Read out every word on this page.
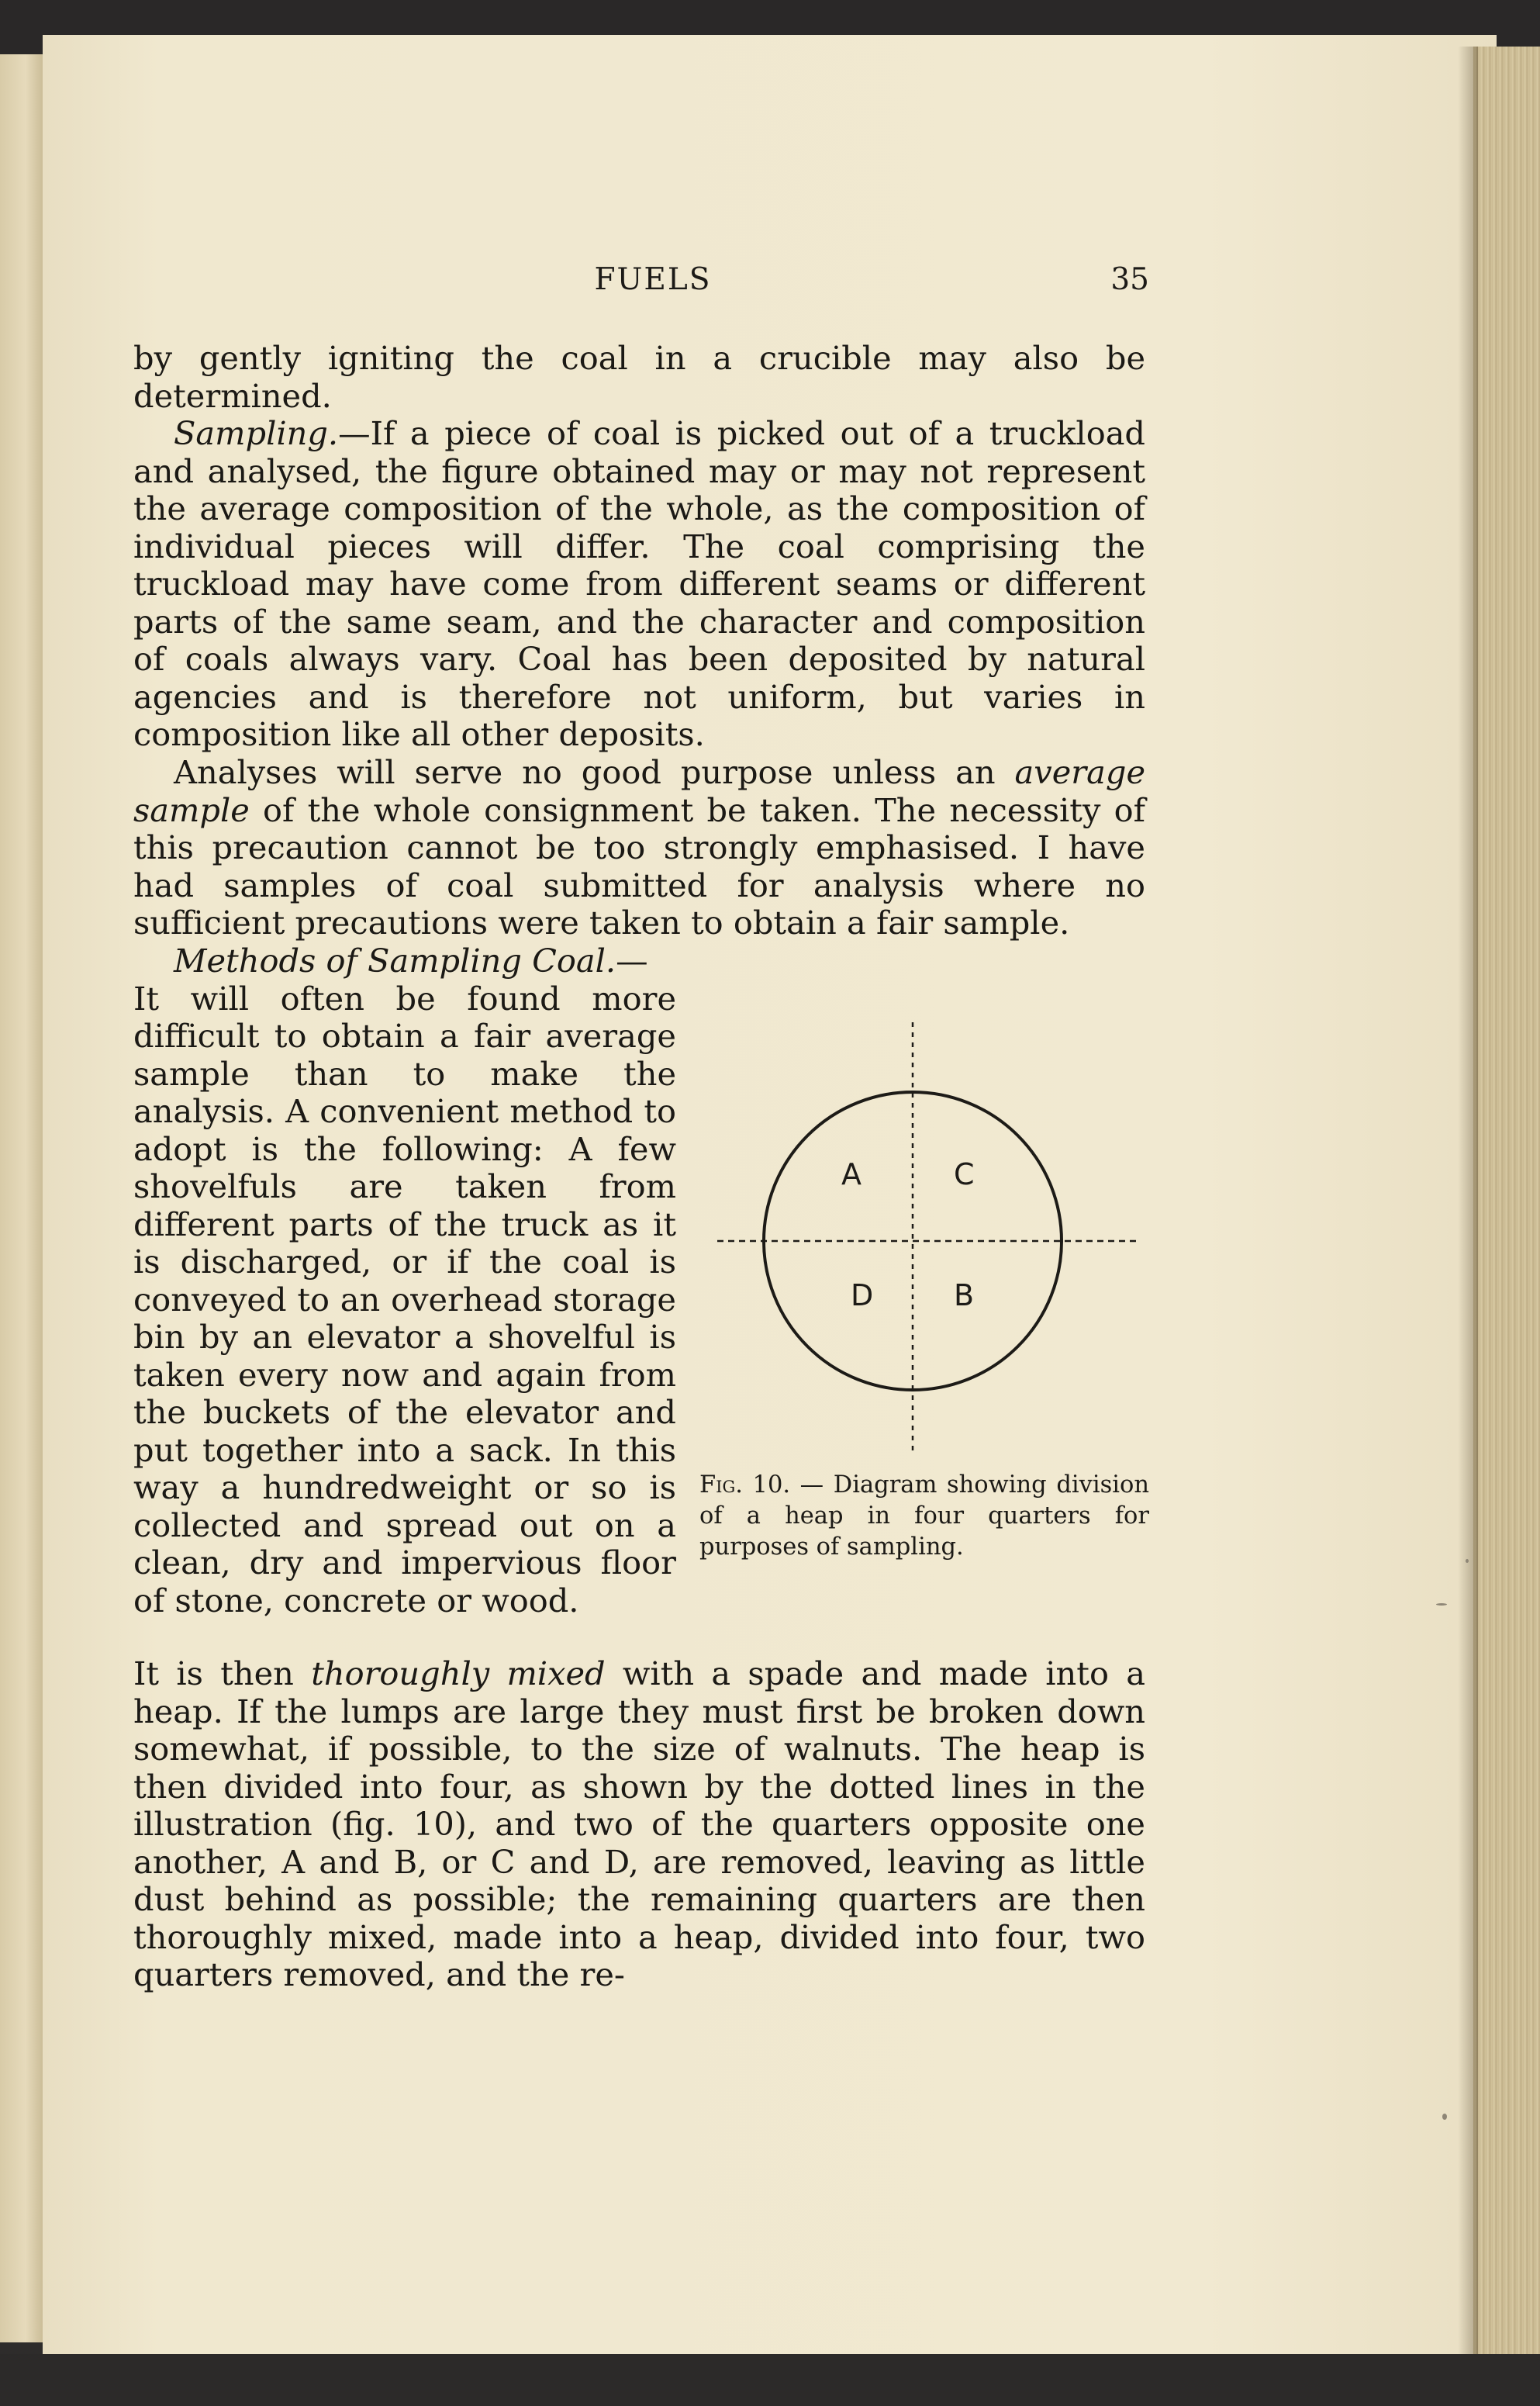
FUELS	35

by gently igniting the coal in a crucible may also be determined.

Sampling.—If a piece of coal is picked out of a truckload and analysed, the figure obtained may or may not represent the average composition of the whole, as the composition of individual pieces will differ. The coal comprising the truckload may have come from different seams or different parts of the same seam, and the character and composition of coals always vary. Coal has been deposited by natural agencies and is therefore not uniform, but varies in composition like all other deposits.

Analyses will serve no good purpose unless an average sample of the whole consignment be taken. The necessity of this precaution cannot be too strongly emphasised. I have had samples of coal submitted for analysis where no sufficient precautions were taken to obtain a fair sample.

Methods of Sampling Coal.—

It will often be found more difficult to obtain a fair average sample than to make the analysis. A convenient method to adopt is the following: A few shovelfuls are taken from different parts of the truck as it is discharged, or if the coal is conveyed to an overhead storage bin by an elevator a shovelful is taken every now and again from the buckets of the elevator and put together into a sack. In this way a hundredweight or so is collected and spread out on a clean, dry and impervious floor of stone, concrete or wood.

It is then thoroughly mixed with a spade and made into a heap. If the lumps are large they must first be broken down somewhat, if possible, to the size of walnuts. The heap is then divided into four, as shown by the dotted lines in the illustration (fig. 10), and two of the quarters opposite one another, A and B, or C and D, are removed, leaving as little dust behind as possible; the remaining quarters are then thoroughly mixed, made into a heap, divided into four, two quarters removed, and the re-

A	C
D	B
Fig. 10. — Diagram showing division of a heap in four quarters for purposes of sampling.
